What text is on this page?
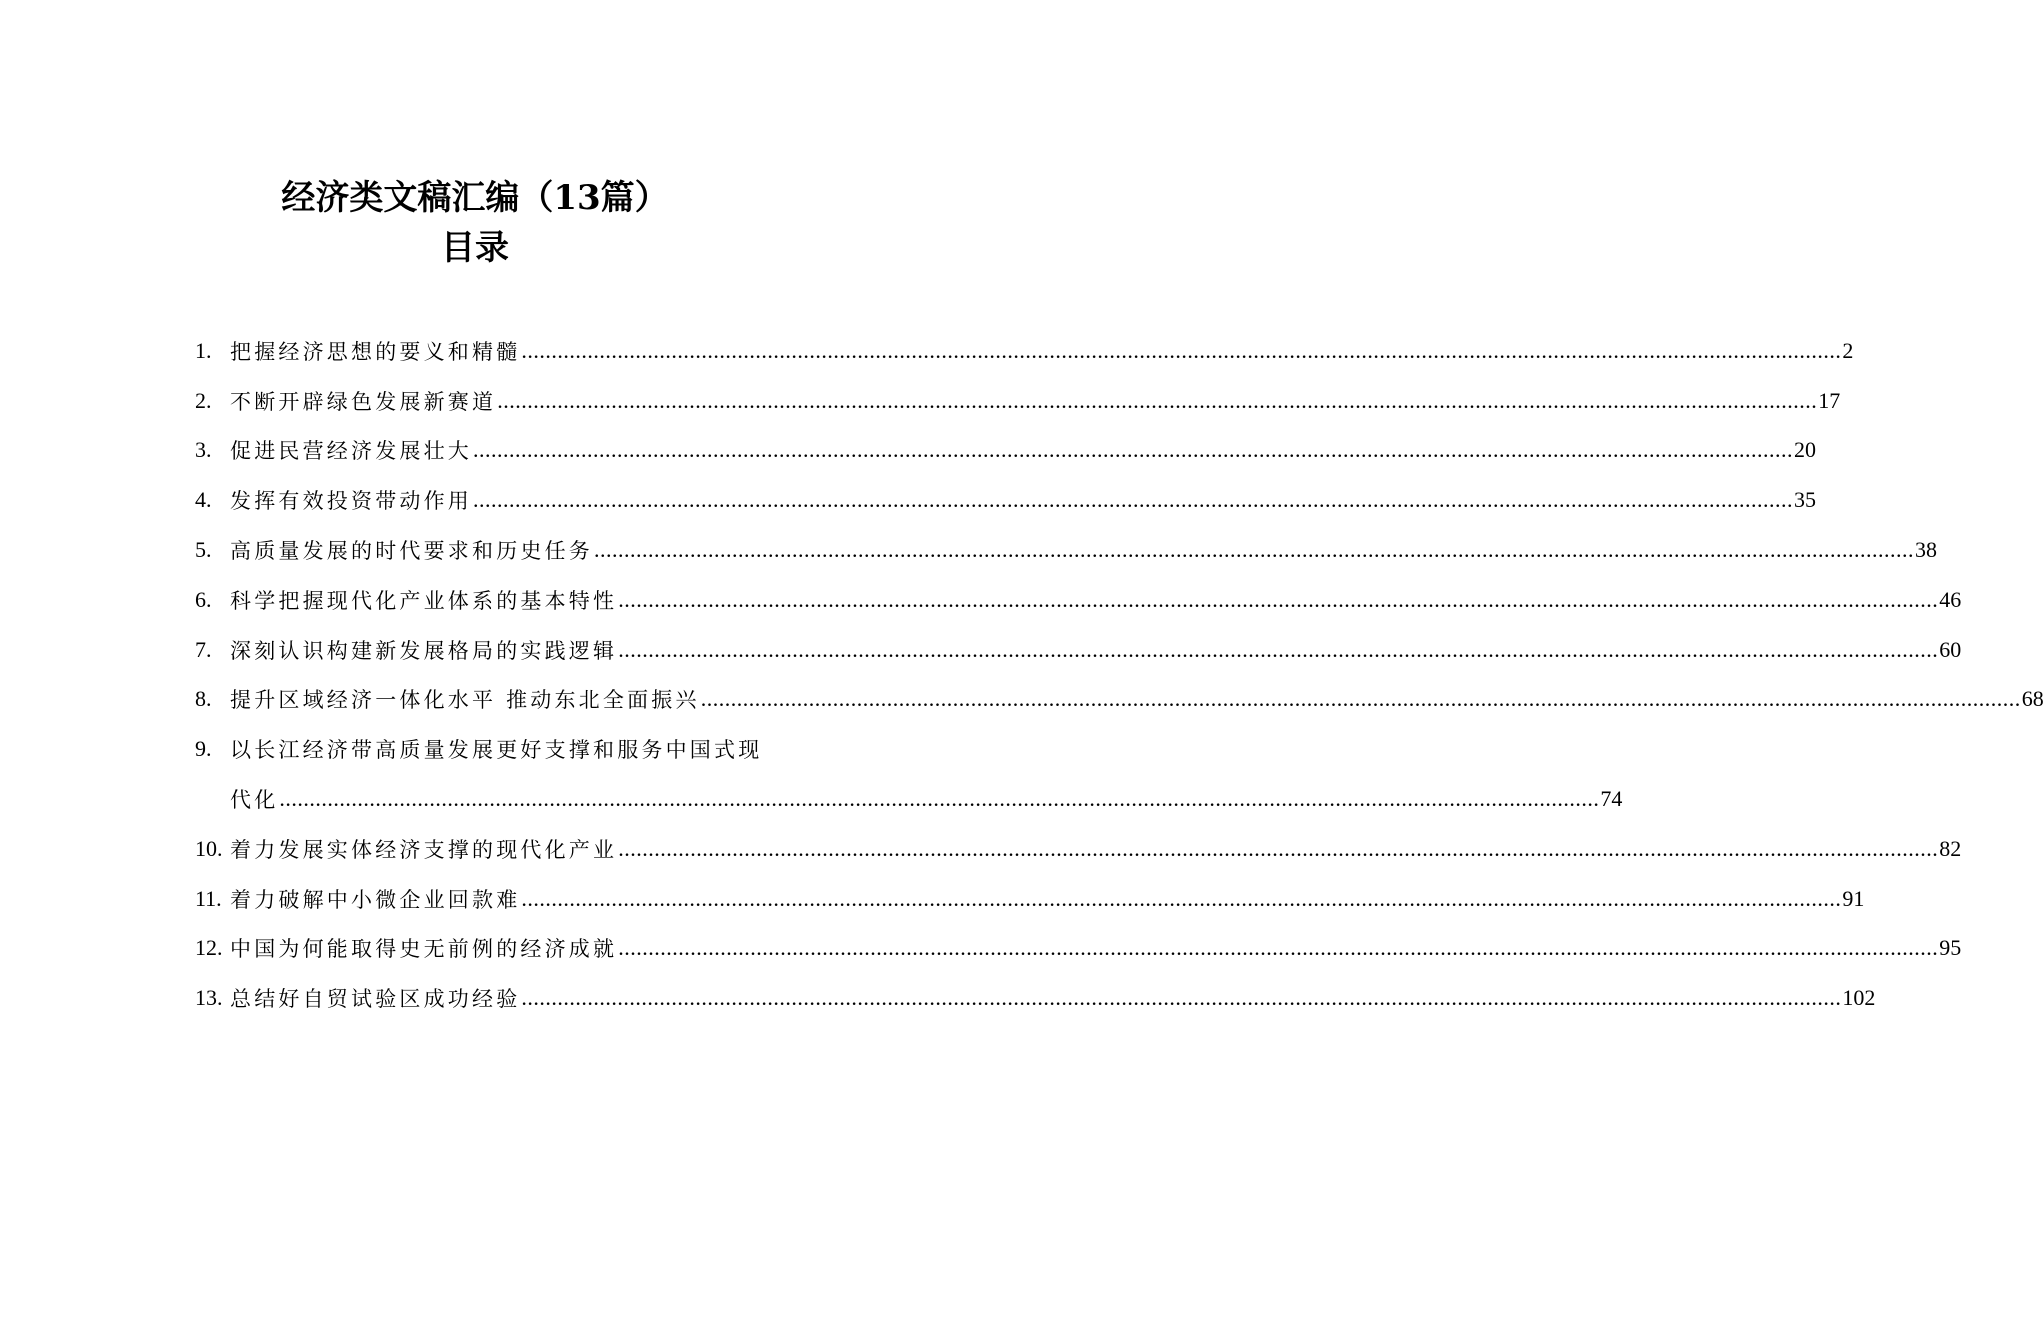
经济类文稿汇编（13篇）
目录
1. 把握经济思想的要义和精髓 ............................................................................................................................................................................................................................ 2
2. 不断开辟绿色发展新赛道 ............................................................................................................................................................................................................................ 17
3. 促进民营经济发展壮大 ............................................................................................................................................................................................................................ 20
4. 发挥有效投资带动作用 ............................................................................................................................................................................................................................ 35
5. 高质量发展的时代要求和历史任务 ............................................................................................................................................................................................................................ 38
6. 科学把握现代化产业体系的基本特性 ............................................................................................................................................................................................................................ 46
7. 深刻认识构建新发展格局的实践逻辑 ............................................................................................................................................................................................................................ 60
8. 提升区域经济一体化水平 推动东北全面振兴 ............................................................................................................................................................................................................................ 68
9. 以长江经济带高质量发展更好支撑和服务中国式现
代化 ............................................................................................................................................................................................................................ 74
10. 着力发展实体经济支撑的现代化产业 ............................................................................................................................................................................................................................ 82
11. 着力破解中小微企业回款难 ............................................................................................................................................................................................................................ 91
12. 中国为何能取得史无前例的经济成就 ............................................................................................................................................................................................................................ 95
13. 总结好自贸试验区成功经验 ............................................................................................................................................................................................................................ 102
